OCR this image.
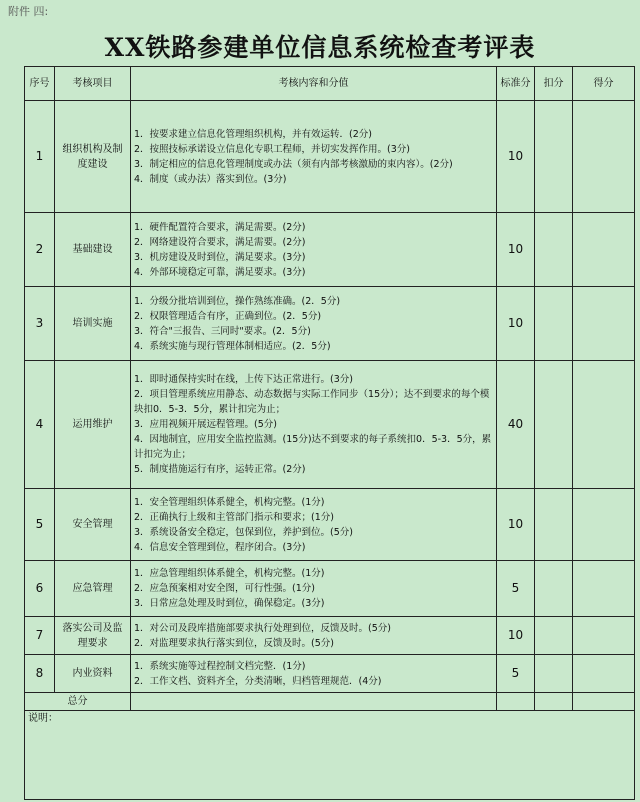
附件 四:
XX铁路参建单位信息系统检查考评表
序号	考核项目	考核内容和分值	标准分	扣分	得分
1	组织机构及制度建设	1．按要求建立信息化管理组织机构，并有效运转．(2分)
2．按照技标承诺设立信息化专职工程师，并切实发挥作用。(3分)
3．制定相应的信息化管理制度或办法（须有内部考核激励的束内容）。(2分)
4．制度（或办法）落实到位。(3分)	10		
2	基础建设	1．硬件配置符合要求，满足需要。(2分)
2．网络建设符合要求，满足需要。(2分)
3．机房建设及时到位，满足要求。(3分)
4．外部环境稳定可靠，满足要求。(3分)	10		
3	培训实施	1．分级分批培训到位，操作熟练准确。(2．5分)
2．权限管理适合有序，正确到位。(2．5分)
3．符合"三报告、三同时"要求。(2．5分)
4．系统实施与现行管理体制相适应。(2．5分)	10		
4	运用维护	1．即时通保持实时在线，上传下达正常进行。(3分)
2．项目管理系统应用静态、动态数据与实际工作同步（15分）；达不到要求的每个模块扣0．5-3．5分，累计扣完为止；
3．应用视频开展远程管理。(5分)
4．因地制宜，应用安全监控监测。(15分)达不到要求的每子系统扣0．5-3．5分，累计扣完为止；
5．制度措施运行有序，运转正常。(2分)	40		
5	安全管理	1．安全管理组织体系健全，机构完整。(1分)
2．正确执行上级和主管部门指示和要求；(1分)
3．系统设备安全稳定，包保到位，养护到位。(5分)
4．信息安全管理到位，程序闭合。(3分)	10		
6	应急管理	1．应急管理组织体系健全，机构完整。(1分)
2．应急预案相对安全图，可行性强。(1分)
3．日常应急处理及时到位，确保稳定。(3分)	5		
7	落实公司及监理要求	1．对公司及段库措施部要求执行处理到位，反馈及时。(5分)
2．对监理要求执行落实到位，反馈及时。(5分)	10		
8	内业资料	1．系统实施等过程控制文档完整．(1分)
2．工作文档、资料齐全，分类清晰，归档管理规范．(4分)	5		
总分					
说明：					
